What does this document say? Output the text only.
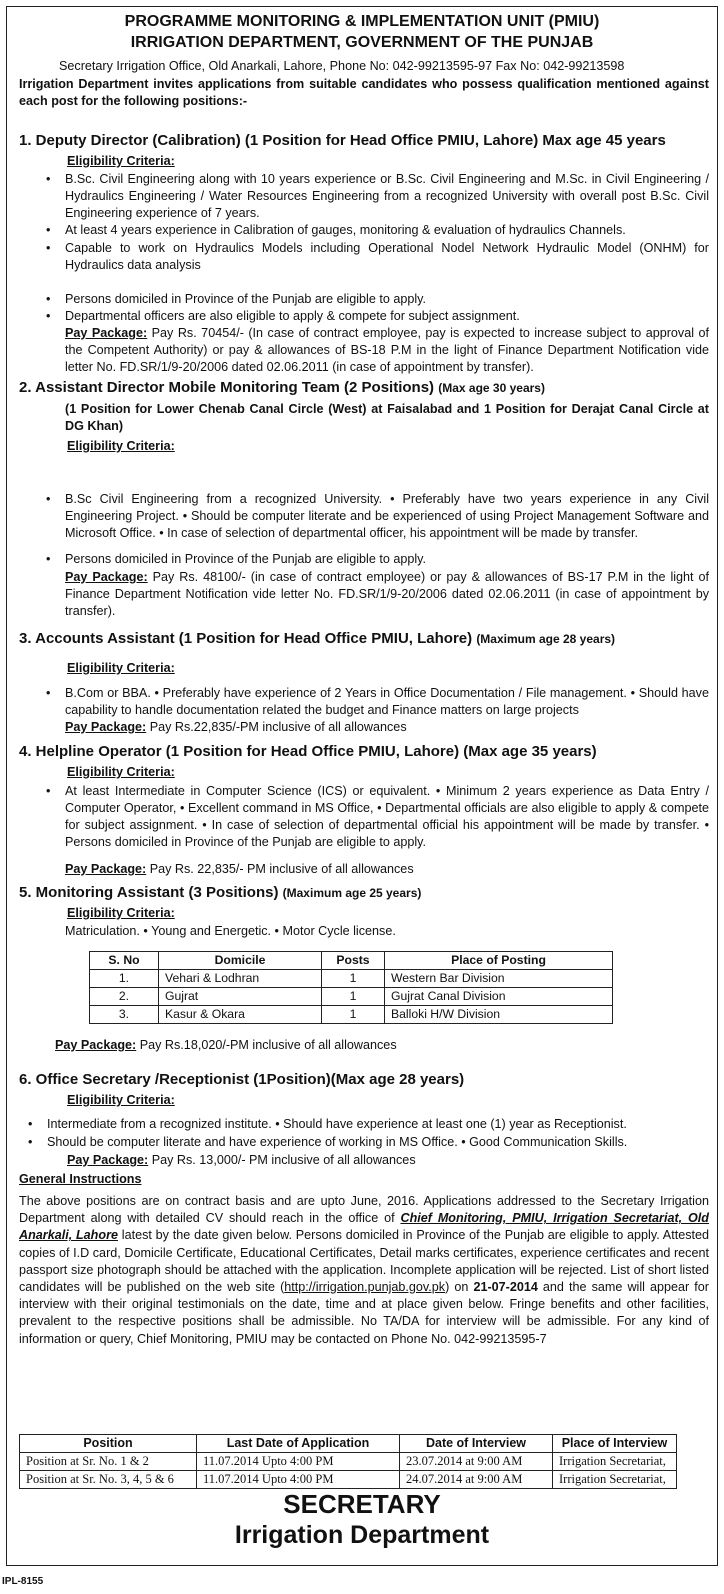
PROGRAMME MONITORING & IMPLEMENTATION UNIT (PMIU)
IRRIGATION DEPARTMENT, GOVERNMENT OF THE PUNJAB
Secretary Irrigation Office, Old Anarkali, Lahore, Phone No: 042-99213595-97 Fax No: 042-99213598
Irrigation Department invites applications from suitable candidates who possess qualification mentioned against each post for the following positions:-
1. Deputy Director (Calibration) (1 Position for Head Office PMIU, Lahore) Max age 45 years
Eligibility Criteria:
• B.Sc. Civil Engineering along with 10 years experience or B.Sc. Civil Engineering and M.Sc. in Civil Engineering / Hydraulics Engineering / Water Resources Engineering from a recognized University with overall post B.Sc. Civil Engineering experience of 7 years.
• At least 4 years experience in Calibration of gauges, monitoring & evaluation of hydraulics Channels.
• Capable to work on Hydraulics Models including Operational Nodel Network Hydraulic Model (ONHM) for Hydraulics data analysis
• Persons domiciled in Province of the Punjab are eligible to apply.
• Departmental officers are also eligible to apply & compete for subject assignment.
Pay Package: Pay Rs. 70454/- (In case of contract employee, pay is expected to increase subject to approval of the Competent Authority) or pay & allowances of BS-18 P.M in the light of Finance Department Notification vide letter No. FD.SR/1/9-20/2006 dated 02.06.2011 (in case of appointment by transfer).
2. Assistant Director Mobile Monitoring Team (2 Positions) (Max age 30 years)
(1 Position for Lower Chenab Canal Circle (West) at Faisalabad and 1 Position for Derajat Canal Circle at DG Khan)
Eligibility Criteria:
• B.Sc Civil Engineering from a recognized University. • Preferably have two years experience in any Civil Engineering Project. • Should be computer literate and be experienced of using Project Management Software and Microsoft Office. • In case of selection of departmental officer, his appointment will be made by transfer.
• Persons domiciled in Province of the Punjab are eligible to apply.
Pay Package: Pay Rs. 48100/- (in case of contract employee) or pay & allowances of BS-17 P.M in the light of Finance Department Notification vide letter No. FD.SR/1/9-20/2006 dated 02.06.2011 (in case of appointment by transfer).
3. Accounts Assistant (1 Position for Head Office PMIU, Lahore) (Maximum age 28 years)
Eligibility Criteria:
• B.Com or BBA. • Preferably have experience of 2 Years in Office Documentation / File management. • Should have capability to handle documentation related the budget and Finance matters on large projects
Pay Package: Pay Rs.22,835/-PM inclusive of all allowances
4. Helpline Operator (1 Position for Head Office PMIU, Lahore) (Max age 35 years)
Eligibility Criteria:
• At least Intermediate in Computer Science (ICS) or equivalent. • Minimum 2 years experience as Data Entry / Computer Operator, • Excellent command in MS Office, • Departmental officials are also eligible to apply & compete for subject assignment. • In case of selection of departmental official his appointment will be made by transfer. • Persons domiciled in Province of the Punjab are eligible to apply.
Pay Package: Pay Rs. 22,835/- PM inclusive of all allowances
5. Monitoring Assistant (3 Positions) (Maximum age 25 years)
Eligibility Criteria:
Matriculation. • Young and Energetic. • Motor Cycle license.
S. No	Domicile	Posts	Place of Posting
1.	Vehari & Lodhran	1	Western Bar Division
2.	Gujrat	1	Gujrat Canal Division
3.	Kasur & Okara	1	Balloki H/W Division
Pay Package: Pay Rs.18,020/-PM inclusive of all allowances
6. Office Secretary /Receptionist (1Position)(Max age 28 years)
Eligibility Criteria:
• Intermediate from a recognized institute. • Should have experience at least one (1) year as Receptionist.
• Should be computer literate and have experience of working in MS Office. • Good Communication Skills.
Pay Package: Pay Rs. 13,000/- PM inclusive of all allowances
General Instructions
The above positions are on contract basis and are upto June, 2016. Applications addressed to the Secretary Irrigation Department along with detailed CV should reach in the office of Chief Monitoring, PMIU, Irrigation Secretariat, Old Anarkali, Lahore latest by the date given below. Persons domiciled in Province of the Punjab are eligible to apply. Attested copies of I.D card, Domicile Certificate, Educational Certificates, Detail marks certificates, experience certificates and recent passport size photograph should be attached with the application. Incomplete application will be rejected. List of short listed candidates will be published on the web site (http://irrigation.punjab.gov.pk) on 21-07-2014 and the same will appear for interview with their original testimonials on the date, time and at place given below. Fringe benefits and other facilities, prevalent to the respective positions shall be admissible. No TA/DA for interview will be admissible. For any kind of information or query, Chief Monitoring, PMIU may be contacted on Phone No. 042-99213595-7
Position	Last Date of Application	Date of Interview	Place of Interview
Position at Sr. No. 1 & 2	11.07.2014 Upto 4:00 PM	23.07.2014 at 9:00 AM	Irrigation Secretariat,
Position at Sr. No. 3, 4, 5 & 6	11.07.2014 Upto 4:00 PM	24.07.2014 at 9:00 AM	Irrigation Secretariat,
SECRETARY
Irrigation Department
IPL-8155
